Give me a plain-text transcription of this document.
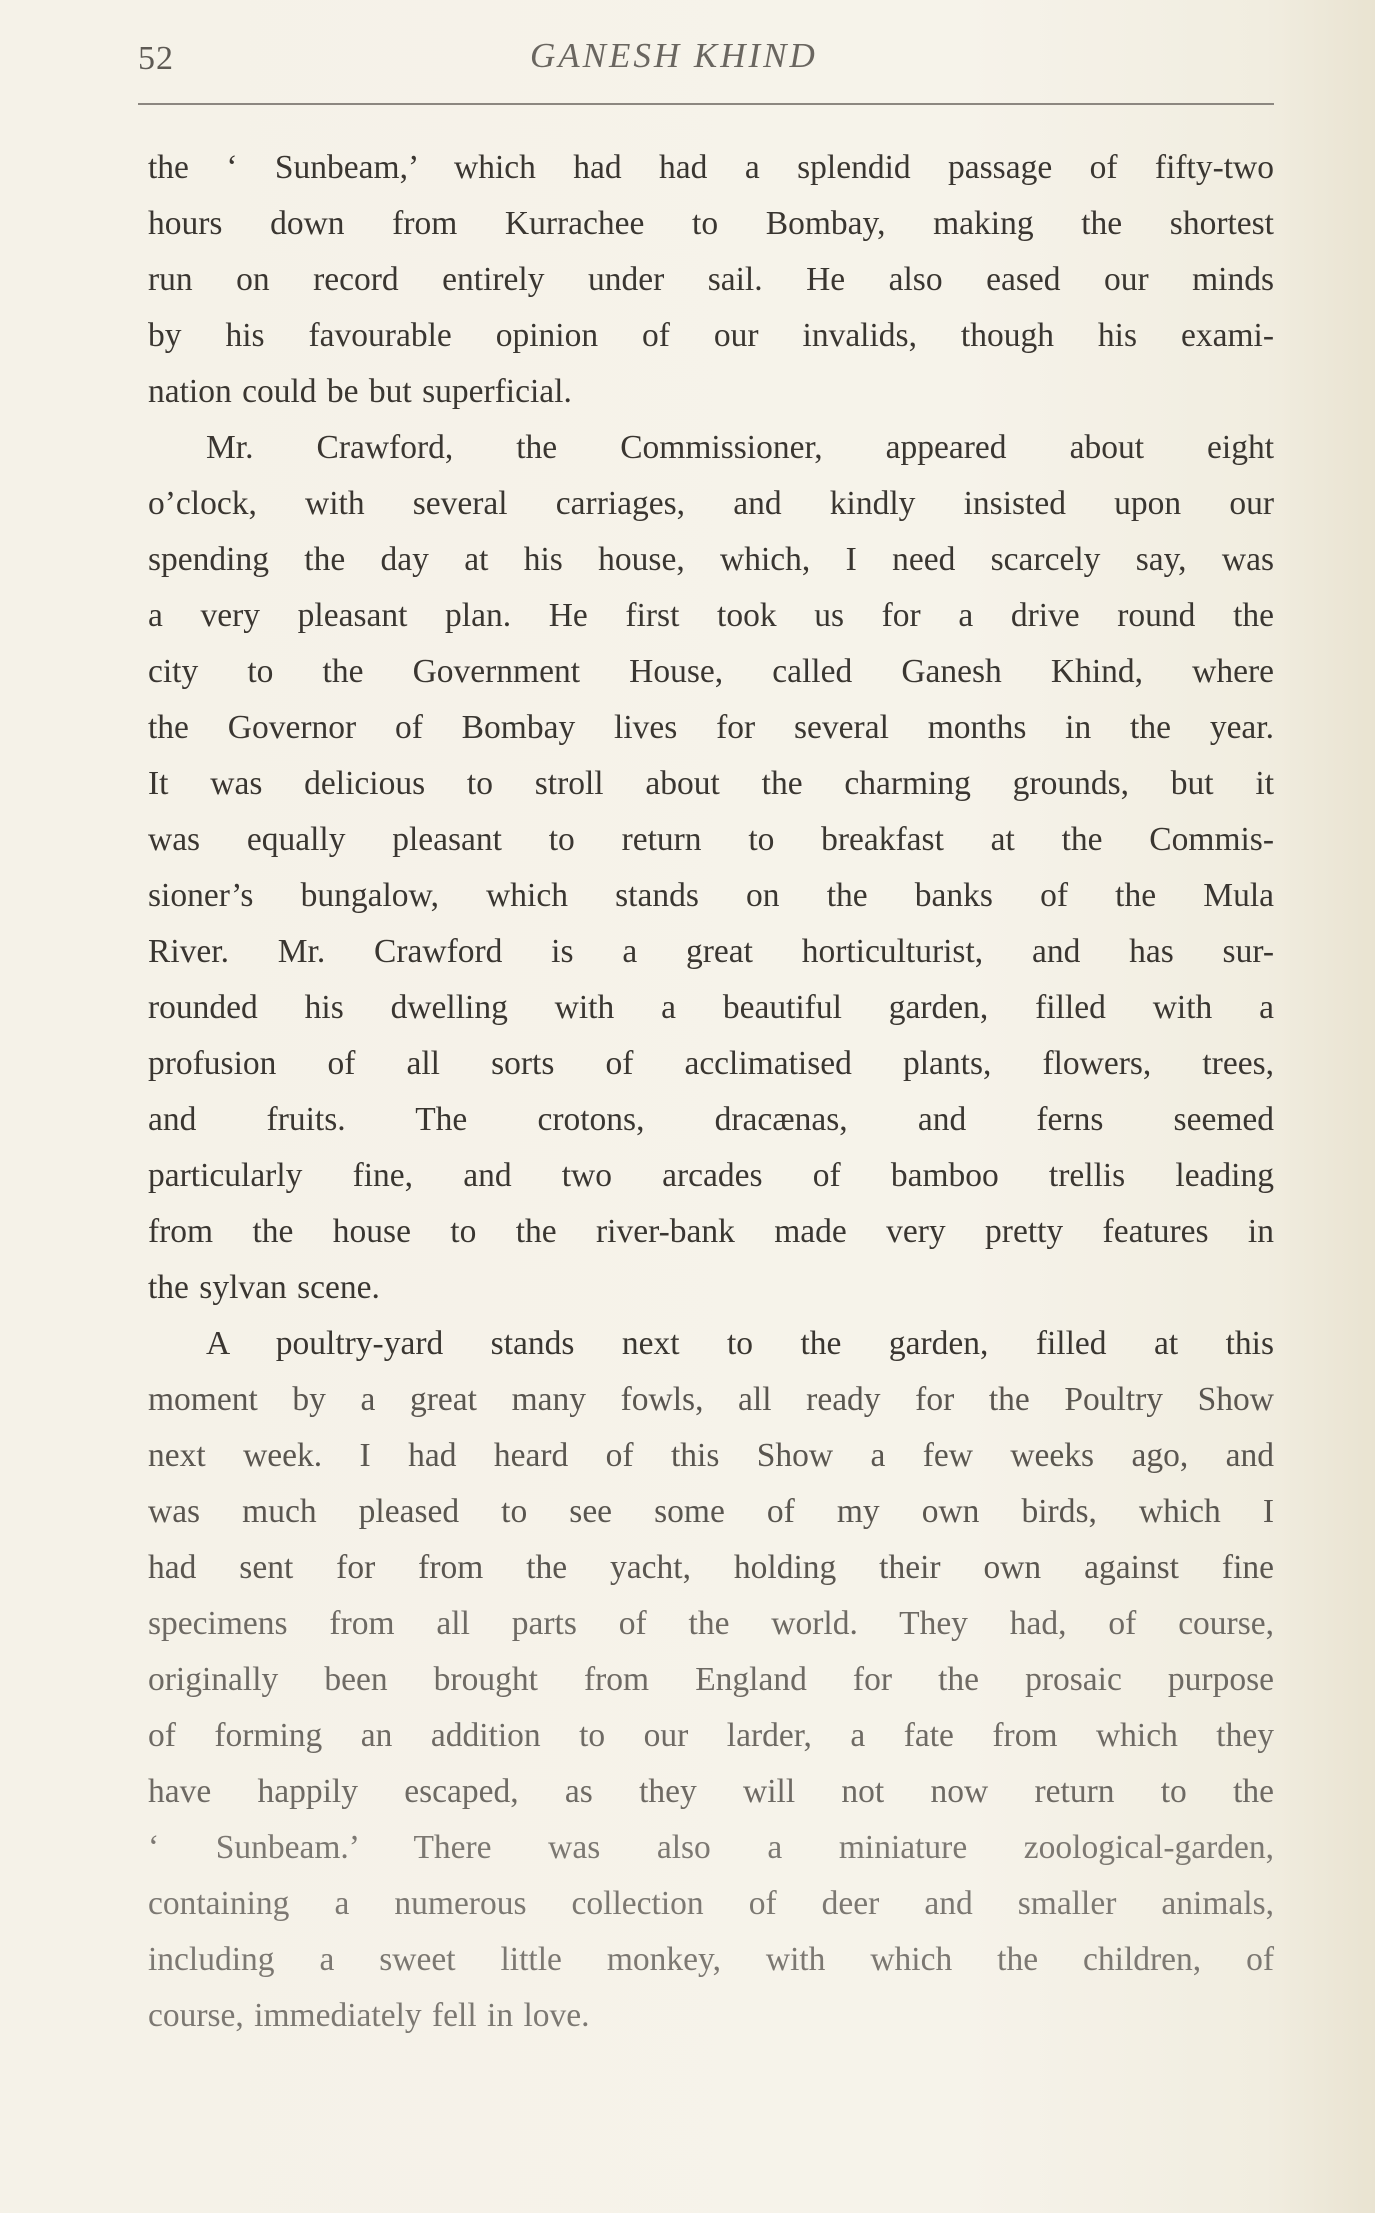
52	GANESH KHIND
the ‘ Sunbeam,’ which had had a splendid passage of fifty-two
hours down from Kurrachee to Bombay, making the shortest
run on record entirely under sail. He also eased our minds
by his favourable opinion of our invalids, though his exami-
nation could be but superficial.
Mr. Crawford, the Commissioner, appeared about eight
o’clock, with several carriages, and kindly insisted upon our
spending the day at his house, which, I need scarcely say, was
a very pleasant plan. He first took us for a drive round the
city to the Government House, called Ganesh Khind, where
the Governor of Bombay lives for several months in the year.
It was delicious to stroll about the charming grounds, but it
was equally pleasant to return to breakfast at the Commis-
sioner’s bungalow, which stands on the banks of the Mula
River. Mr. Crawford is a great horticulturist, and has sur-
rounded his dwelling with a beautiful garden, filled with a
profusion of all sorts of acclimatised plants, flowers, trees,
and fruits. The crotons, dracænas, and ferns seemed
particularly fine, and two arcades of bamboo trellis leading
from the house to the river-bank made very pretty features in
the sylvan scene.
A poultry-yard stands next to the garden, filled at this
moment by a great many fowls, all ready for the Poultry Show
next week. I had heard of this Show a few weeks ago, and
was much pleased to see some of my own birds, which I
had sent for from the yacht, holding their own against fine
specimens from all parts of the world. They had, of course,
originally been brought from England for the prosaic purpose
of forming an addition to our larder, a fate from which they
have happily escaped, as they will not now return to the
‘ Sunbeam.’ There was also a miniature zoological-garden,
containing a numerous collection of deer and smaller animals,
including a sweet little monkey, with which the children, of
course, immediately fell in love.
